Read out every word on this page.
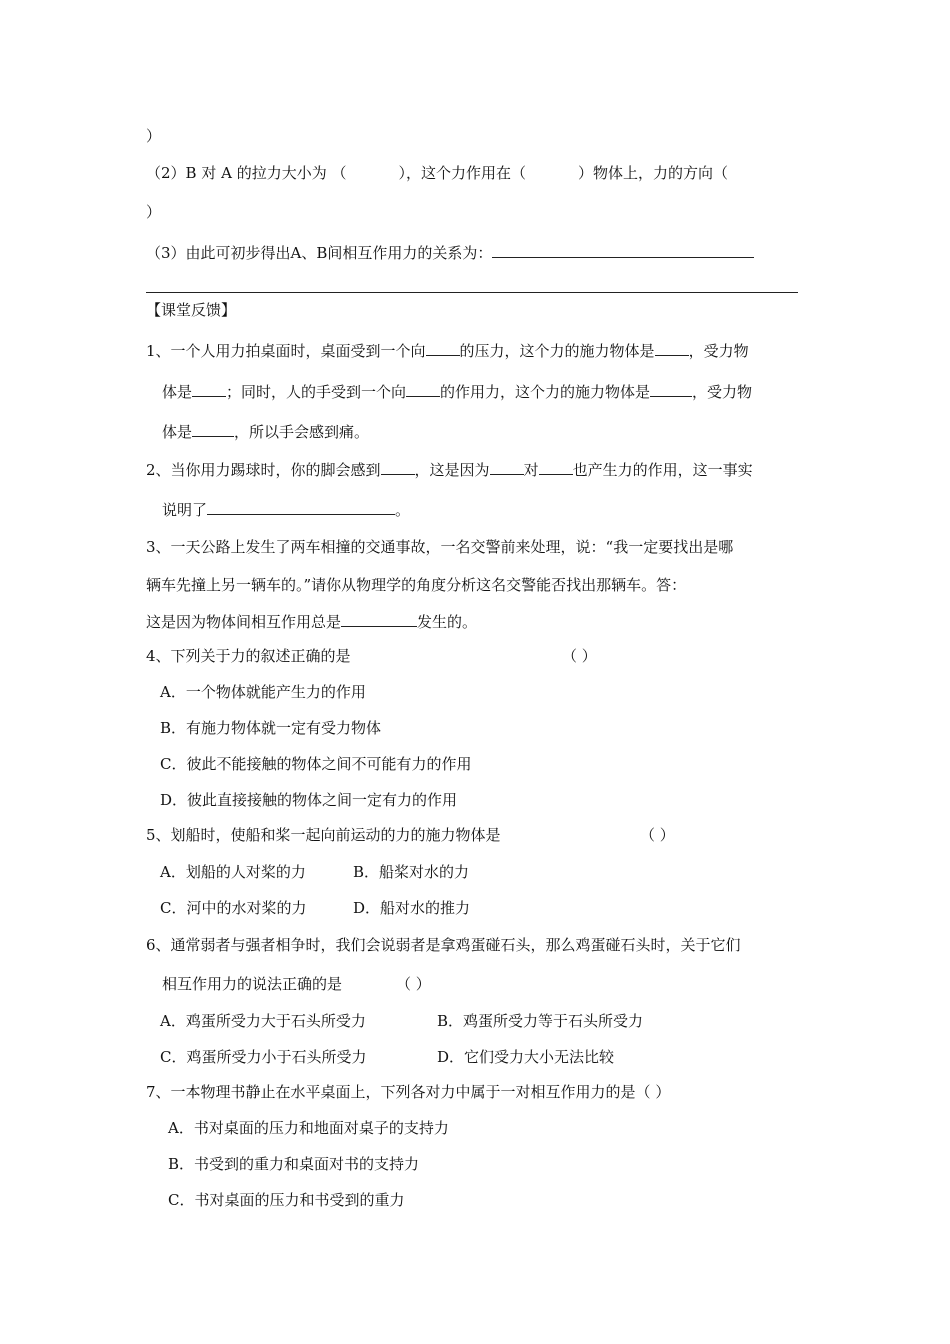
）
（2）B 对 A 的拉力大小为 （	），这个力作用在（	）物体上，力的方向（
）
（3）由此可初步得出A、B间相互作用力的关系为：
【课堂反馈】
1、一个人用力拍桌面时，桌面受到一个向 的压力，这个力的施力物体是 ，受力物
体是 ；同时，人的手受到一个向 的作用力，这个力的施力物体是	，受力物
体是	，所以手会感到痛。
2、当你用力踢球时，你的脚会感到 ，这是因为 对 也产生力的作用，这一事实
说明了	。
3、一天公路上发生了两车相撞的交通事故，一名交警前来处理，说：“我一定要找出是哪
辆车先撞上另一辆车的。”请你从物理学的角度分析这名交警能否找出那辆车。答：
这是因为物体间相互作用总是	发生的。
4、下列关于力的叙述正确的是	（ ）
A．一个物体就能产生力的作用
B．有施力物体就一定有受力物体
C．彼此不能接触的物体之间不可能有力的作用
D．彼此直接接触的物体之间一定有力的作用
5、划船时，使船和桨一起向前运动的力的施力物体是	（ ）
A．划船的人对桨的力	B．船桨对水的力
C．河中的水对桨的力	D．船对水的推力
6、通常弱者与强者相争时，我们会说弱者是拿鸡蛋碰石头，那么鸡蛋碰石头时，关于它们
相互作用力的说法正确的是	（ ）
A．鸡蛋所受力大于石头所受力	B．鸡蛋所受力等于石头所受力
C．鸡蛋所受力小于石头所受力	D．它们受力大小无法比较
7、一本物理书静止在水平桌面上，下列各对力中属于一对相互作用力的是（ ）
A．书对桌面的压力和地面对桌子的支持力
B．书受到的重力和桌面对书的支持力
C．书对桌面的压力和书受到的重力
